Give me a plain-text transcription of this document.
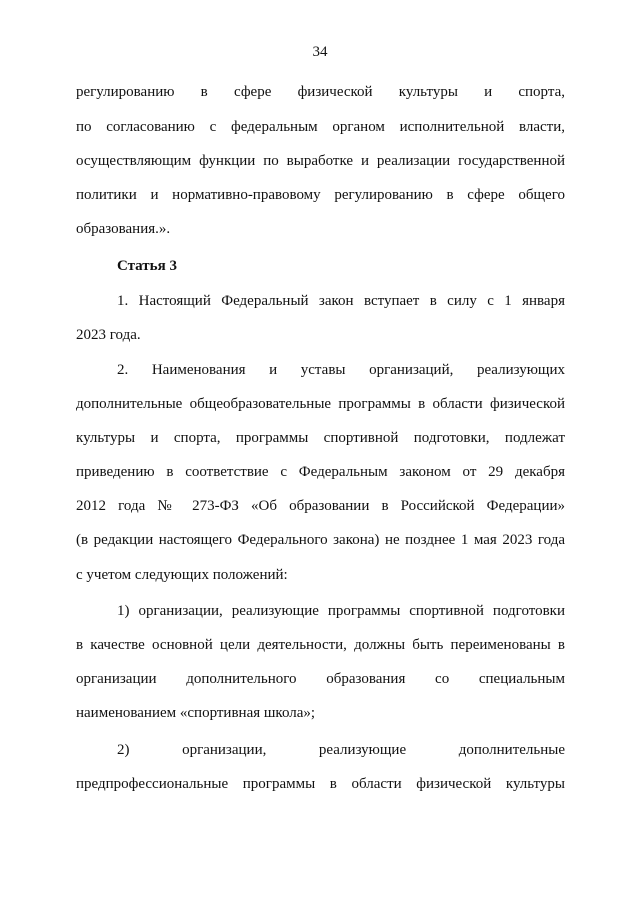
34
регулированию в сфере физической культуры и спорта,
по согласованию с федеральным органом исполнительной власти,
осуществляющим функции по выработке и реализации государственной
политики и нормативно-правовому регулированию в сфере общего
образования.».
Статья 3
1. Настоящий Федеральный закон вступает в силу с 1 января
2023 года.
2. Наименования и уставы организаций, реализующих
дополнительные общеобразовательные программы в области физической
культуры и спорта, программы спортивной подготовки, подлежат
приведению в соответствие с Федеральным законом от 29 декабря
2012 года № 273-ФЗ «Об образовании в Российской Федерации»
(в редакции настоящего Федерального закона) не позднее 1 мая 2023 года
с учетом следующих положений:
1) организации, реализующие программы спортивной подготовки
в качестве основной цели деятельности, должны быть переименованы в
организации дополнительного образования со специальным
наименованием «спортивная школа»;
2) организации, реализующие дополнительные
предпрофессиональные программы в области физической культуры
